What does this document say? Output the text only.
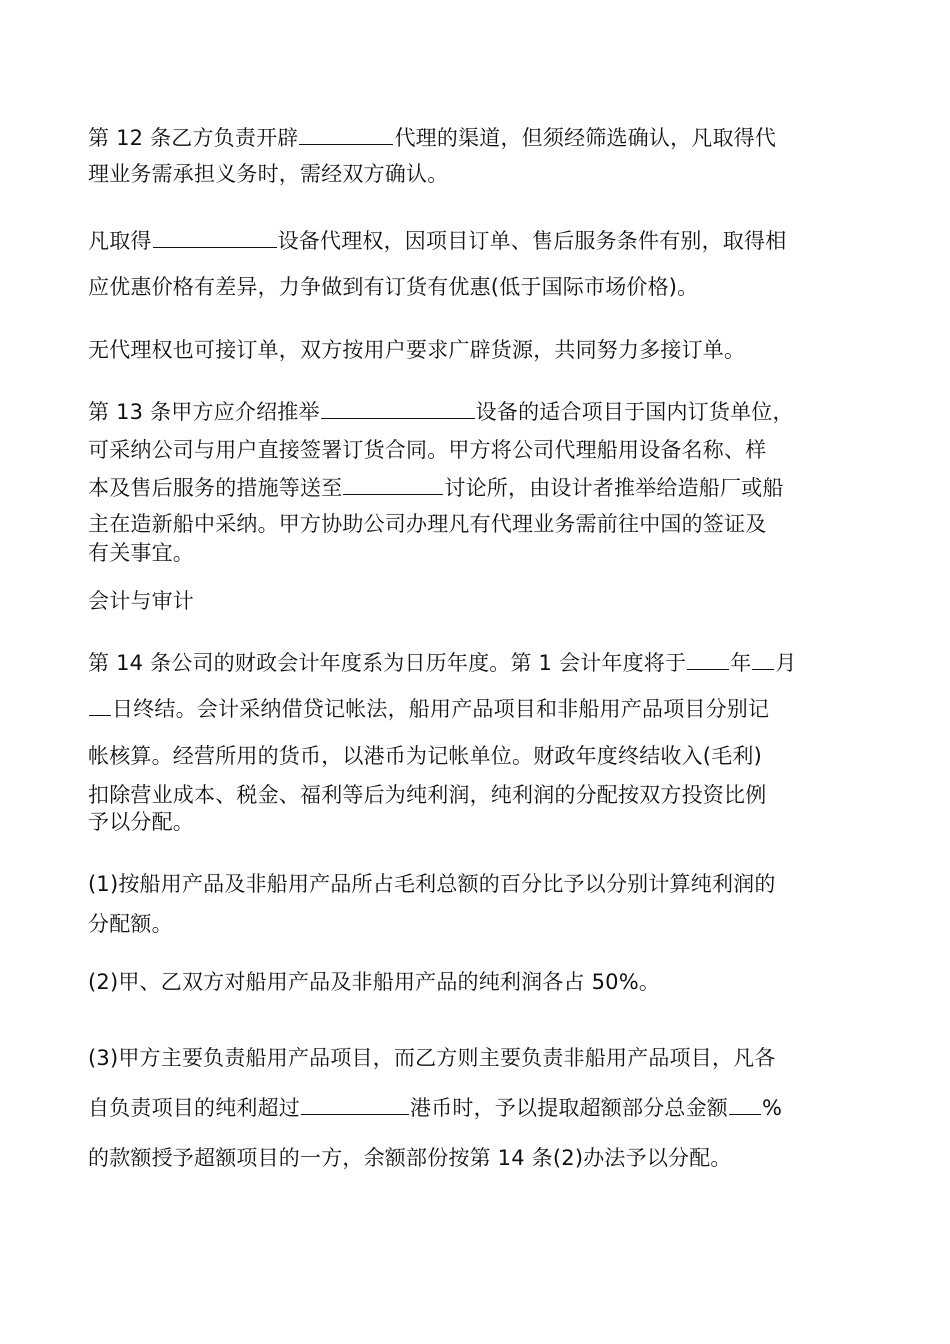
第 12 条乙方负责开辟	代理的渠道，但须经筛选确认，凡取得代
理业务需承担义务时，需经双方确认。
凡取得	设备代理权，因项目订单、售后服务条件有别，取得相
应优惠价格有差异，力争做到有订货有优惠(低于国际市场价格)。
无代理权也可接订单，双方按用户要求广辟货源，共同努力多接订单。
第 13 条甲方应介绍推举	设备的适合项目于国内订货单位，
可采纳公司与用户直接签署订货合同。甲方将公司代理船用设备名称、样
本及售后服务的措施等送至	讨论所，由设计者推举给造船厂或船
主在造新船中采纳。甲方协助公司办理凡有代理业务需前往中国的签证及
有关事宜。
会计与审计
第 14 条公司的财政会计年度系为日历年度。第 1 会计年度将于 年 月
日终结。会计采纳借贷记帐法，船用产品项目和非船用产品项目分别记
帐核算。经营所用的货币，以港币为记帐单位。财政年度终结收入(毛利)
扣除营业成本、税金、福利等后为纯利润，纯利润的分配按双方投资比例
予以分配。
(1)按船用产品及非船用产品所占毛利总额的百分比予以分别计算纯利润的
分配额。
(2)甲、乙双方对船用产品及非船用产品的纯利润各占 50%。
(3)甲方主要负责船用产品项目，而乙方则主要负责非船用产品项目，凡各
自负责项目的纯利超过	港币时，予以提取超额部分总金额 %
的款额授予超额项目的一方，余额部份按第 14 条(2)办法予以分配。
